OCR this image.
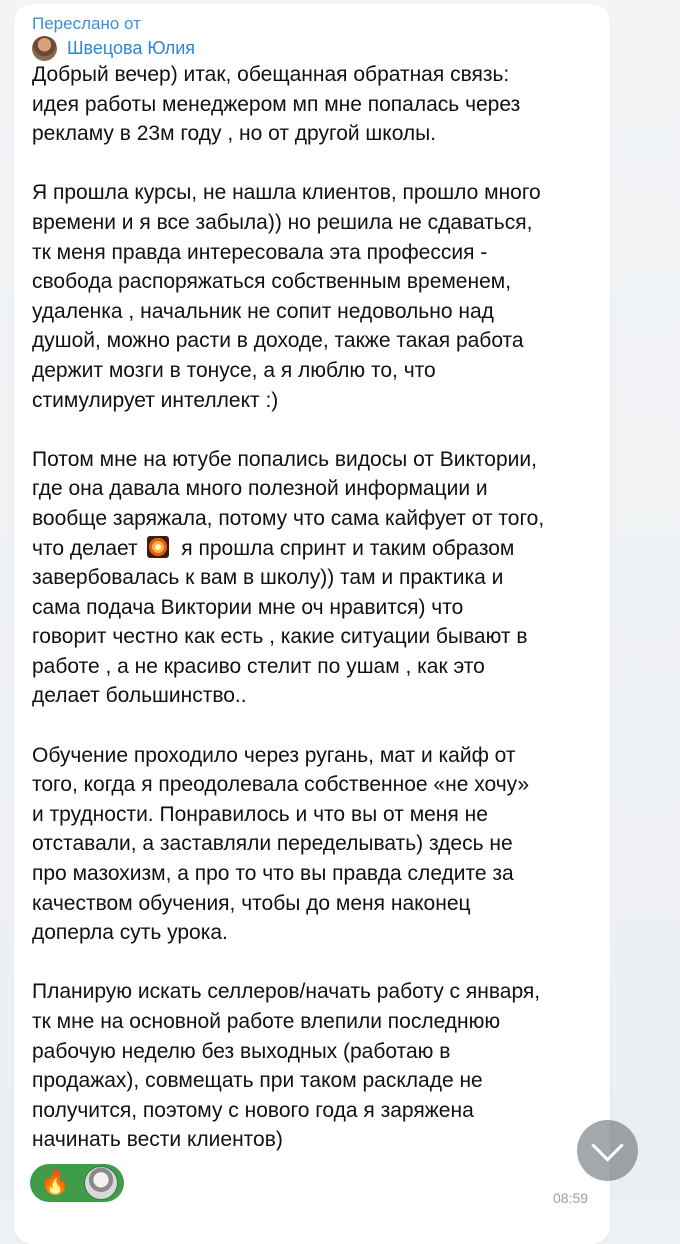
Переслано от
Швецова Юлия
Добрый вечер) итак, обещанная обратная связь:
идея работы менеджером мп мне попалась через
рекламу в 23м году , но от другой школы.
Я прошла курсы, не нашла клиентов, прошло много
времени и я все забыла)) но решила не сдаваться,
тк меня правда интересовала эта профессия -
свобода распоряжаться собственным временем,
удаленка , начальник не сопит недовольно над
душой, можно расти в доходе, также такая работа
держит мозги в тонусе, а я люблю то, что
стимулирует интеллект :)
Потом мне на ютубе попались видосы от Виктории,
где она давала много полезной информации и
вообще заряжала, потому что сама кайфует от того,
что делает я прошла спринт и таким образом
завербовалась к вам в школу)) там и практика и
сама подача Виктории мне оч нравится) что
говорит честно как есть , какие ситуации бывают в
работе , а не красиво стелит по ушам , как это
делает большинство..
Обучение проходило через ругань, мат и кайф от
того, когда я преодолевала собственное «не хочу»
и трудности. Понравилось и что вы от меня не
отставали, а заставляли переделывать) здесь не
про мазохизм, а про то что вы правда следите за
качеством обучения, чтобы до меня наконец
доперла суть урока.
Планирую искать селлеров/начать работу с января,
тк мне на основной работе влепили последнюю
рабочую неделю без выходных (работаю в
продажах), совмещать при таком раскладе не
получится, поэтому с нового года я заряжена
начинать вести клиентов)
🔥
08:59
